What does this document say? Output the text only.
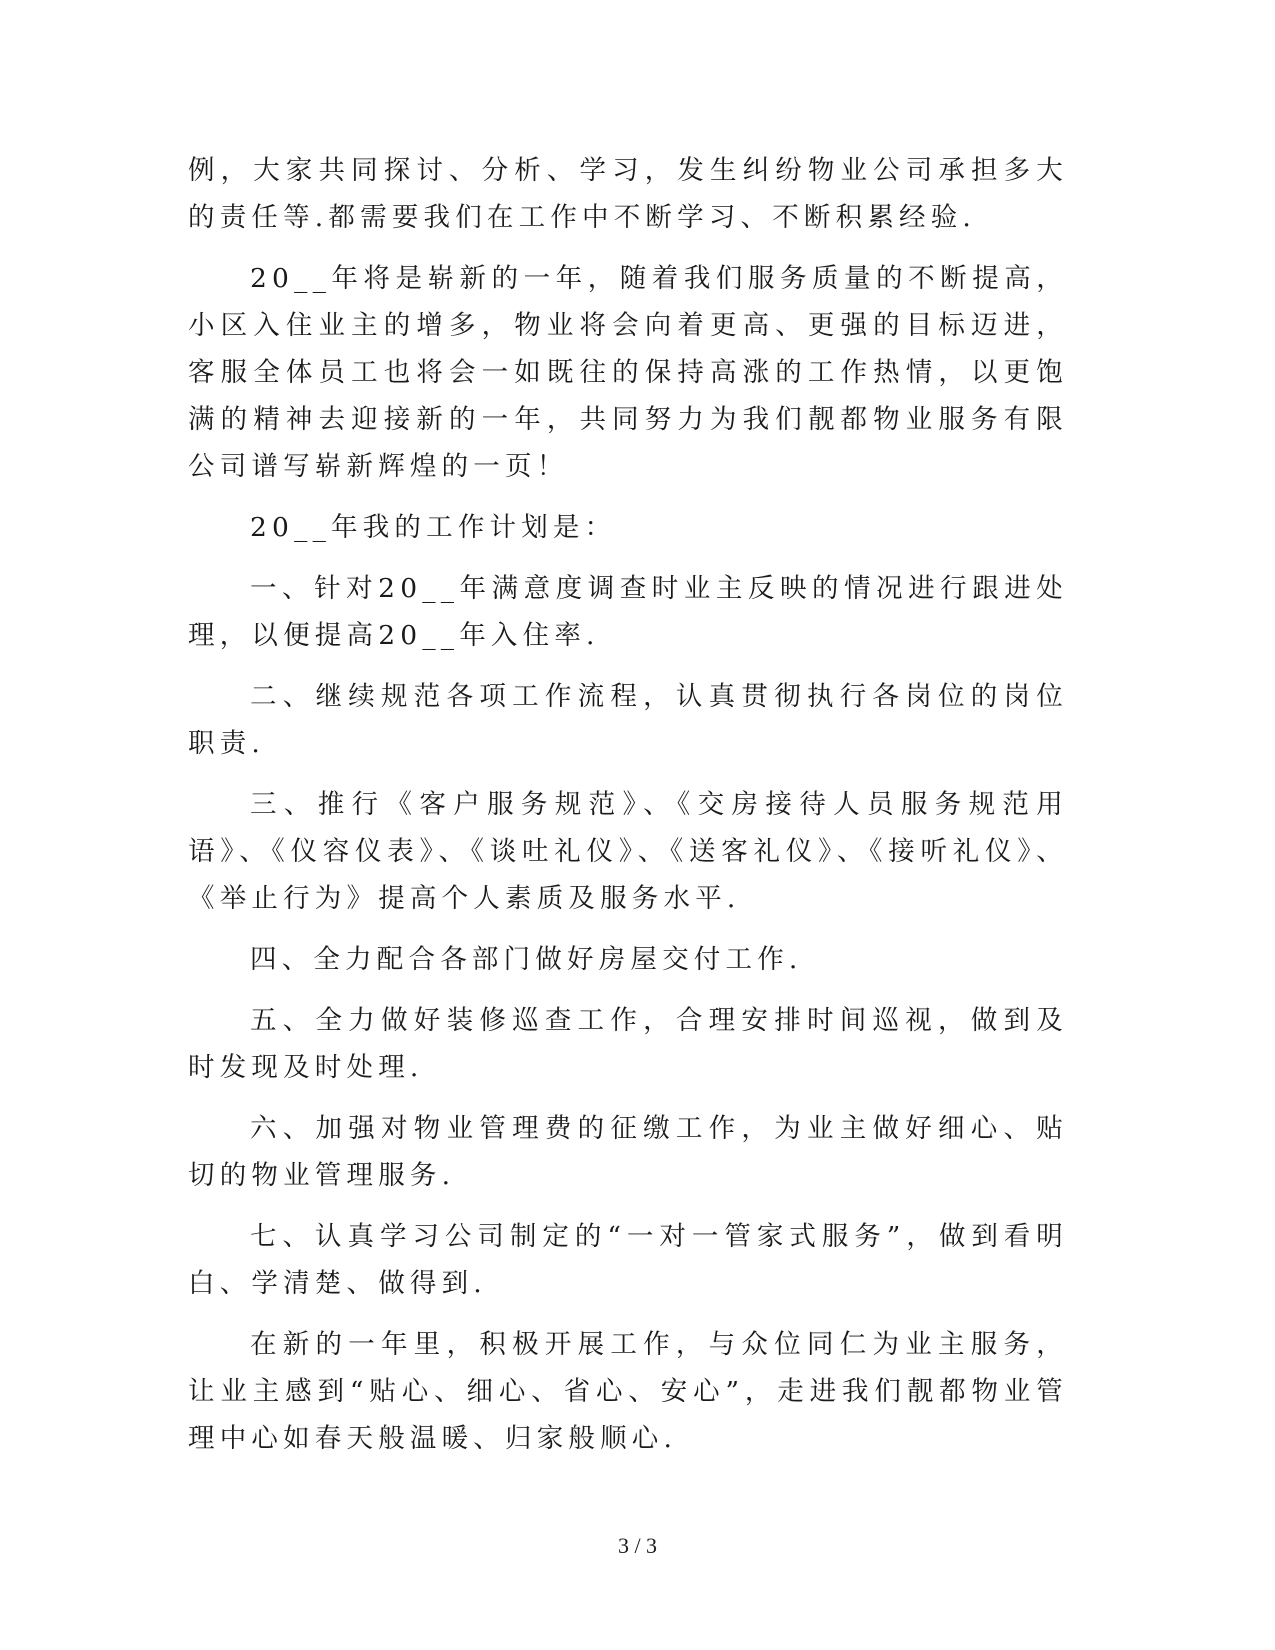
例，大家共同探讨、分析、学习，发生纠纷物业公司承担多大的责任等.都需要我们在工作中不断学习、不断积累经验.

20__年将是崭新的一年，随着我们服务质量的不断提高，小区入住业主的增多，物业将会向着更高、更强的目标迈进，客服全体员工也将会一如既往的保持高涨的工作热情，以更饱满的精神去迎接新的一年，共同努力为我们靓都物业服务有限公司谱写崭新辉煌的一页！

20__年我的工作计划是：

一、针对20__年满意度调查时业主反映的情况进行跟进处理，以便提高20__年入住率.

二、继续规范各项工作流程，认真贯彻执行各岗位的岗位职责.

三、推行《客户服务规范》、《交房接待人员服务规范用语》、《仪容仪表》、《谈吐礼仪》、《送客礼仪》、《接听礼仪》、《举止行为》提高个人素质及服务水平.

四、全力配合各部门做好房屋交付工作.

五、全力做好装修巡查工作，合理安排时间巡视，做到及时发现及时处理.

六、加强对物业管理费的征缴工作，为业主做好细心、贴切的物业管理服务.

七、认真学习公司制定的“一对一管家式服务”，做到看明白、学清楚、做得到.

在新的一年里，积极开展工作，与众位同仁为业主服务，让业主感到“贴心、细心、省心、安心”，走进我们靓都物业管理中心如春天般温暖、归家般顺心.

3 / 3
